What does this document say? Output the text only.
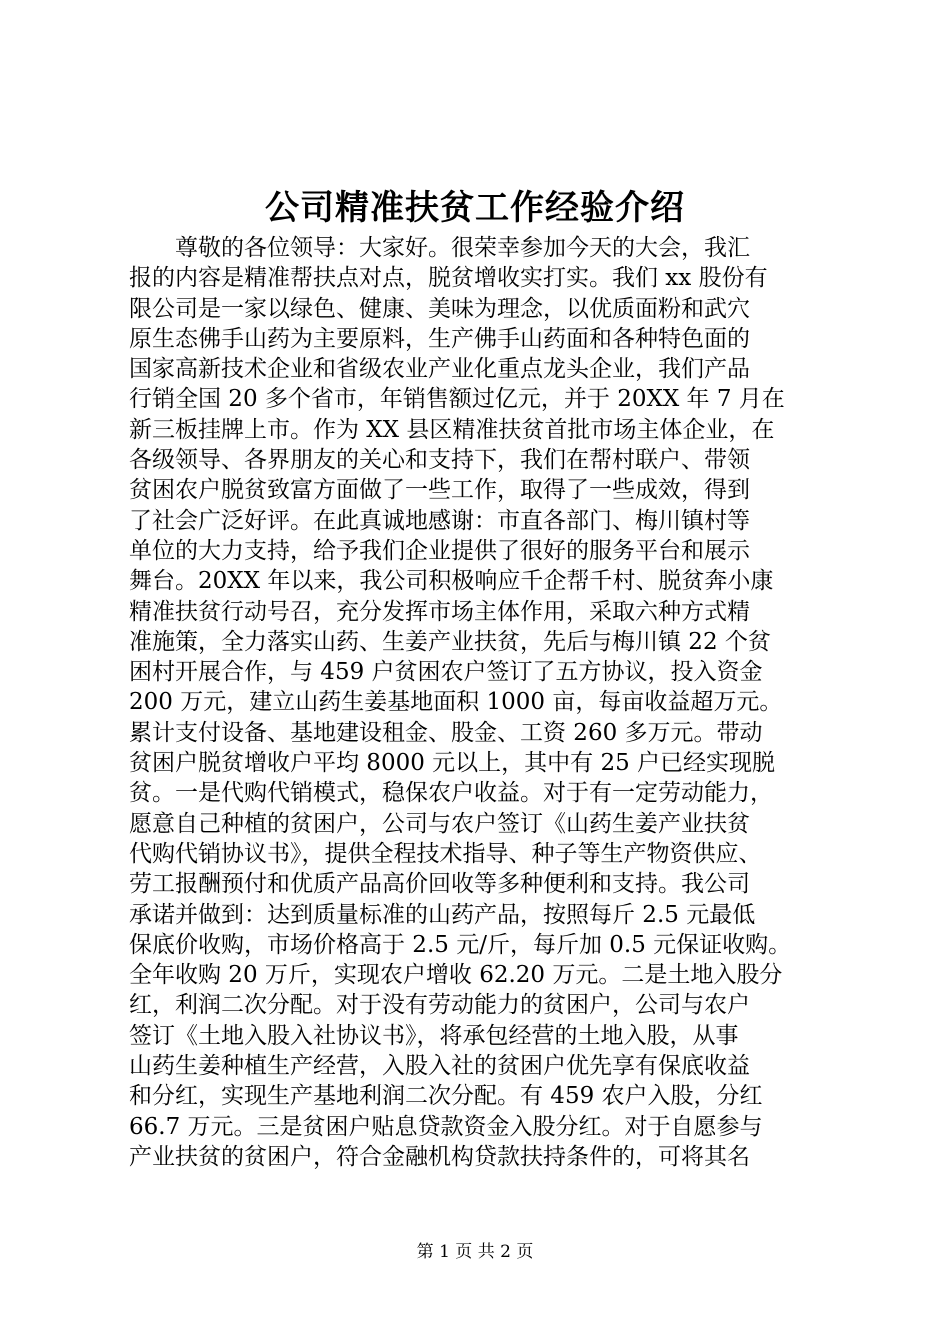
公司精准扶贫工作经验介绍
　　尊敬的各位领导：大家好。很荣幸参加今天的大会，我汇
报的内容是精准帮扶点对点，脱贫增收实打实。我们 xx 股份有
限公司是一家以绿色、健康、美味为理念，以优质面粉和武穴
原生态佛手山药为主要原料，生产佛手山药面和各种特色面的
国家高新技术企业和省级农业产业化重点龙头企业，我们产品
行销全国 20 多个省市，年销售额过亿元，并于 20XX 年 7 月在
新三板挂牌上市。作为 XX 县区精准扶贫首批市场主体企业，在
各级领导、各界朋友的关心和支持下，我们在帮村联户、带领
贫困农户脱贫致富方面做了一些工作，取得了一些成效，得到
了社会广泛好评。在此真诚地感谢：市直各部门、梅川镇村等
单位的大力支持，给予我们企业提供了很好的服务平台和展示
舞台。20XX 年以来，我公司积极响应千企帮千村、脱贫奔小康
精准扶贫行动号召，充分发挥市场主体作用，采取六种方式精
准施策，全力落实山药、生姜产业扶贫，先后与梅川镇 22 个贫
困村开展合作，与 459 户贫困农户签订了五方协议，投入资金
200 万元，建立山药生姜基地面积 1000 亩，每亩收益超万元。
累计支付设备、基地建设租金、股金、工资 260 多万元。带动
贫困户脱贫增收户平均 8000 元以上，其中有 25 户已经实现脱
贫。一是代购代销模式，稳保农户收益。对于有一定劳动能力，
愿意自己种植的贫困户，公司与农户签订《山药生姜产业扶贫
代购代销协议书》，提供全程技术指导、种子等生产物资供应、
劳工报酬预付和优质产品高价回收等多种便利和支持。我公司
承诺并做到：达到质量标准的山药产品，按照每斤 2.5 元最低
保底价收购，市场价格高于 2.5 元/斤，每斤加 0.5 元保证收购。
全年收购 20 万斤，实现农户增收 62.20 万元。二是土地入股分
红，利润二次分配。对于没有劳动能力的贫困户，公司与农户
签订《土地入股入社协议书》，将承包经营的土地入股，从事
山药生姜种植生产经营，入股入社的贫困户优先享有保底收益
和分红，实现生产基地利润二次分配。有 459 农户入股，分红
66.7 万元。三是贫困户贴息贷款资金入股分红。对于自愿参与
产业扶贫的贫困户，符合金融机构贷款扶持条件的，可将其名
第 1 页 共 2 页
